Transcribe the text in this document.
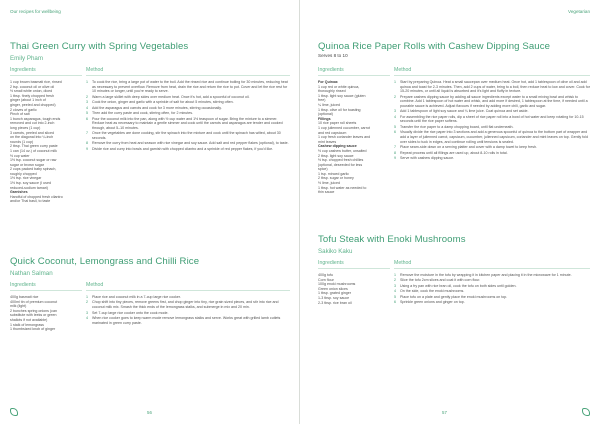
Our recipes for wellbeing
Thai Green Curry with Spring Vegetables
Emily Pham
Ingredients
1 cup brown basmati rice, rinsed
2 tsp. coconut oil or olive oil
½ small white onion, diced
1 tbsp. finely chopped fresh
ginger (about 1 inch of
ginger, peeled and chopped)
2 cloves of garlic
Pinch of salt
1 bunch asparagus, tough ends
removed and cut into 2-inch
long pieces (1 cup)
3 carrots, peeled and sliced
on the diagonal into ¼-inch
rounds (1 cup)
2 tbsp. Thai green curry paste
1 can (14 oz.) of coconut milk
½ cup water
1½ tsp. coconut sugar or raw
sugar or brown sugar
2 cups packed baby spinach,
roughly chopped
1½ tsp. rice vinegar
1½ tsp. soy sauce (I used
reduced-sodium tamari)
Garnishes
Handful of chopped fresh cilantro
and/or Thai basil, to taste
Method
1	To cook the rice, bring a large pot of water to the boil. Add the rinsed rice and continue boiling for 30 minutes, reducing heat as necessary to prevent overflow. Remove from heat, drain the rice and return the rice to pot. Cover and let the rice rest for 10 minutes or longer, until you're ready to serve.
2	Warm a large skillet with deep sides over medium heat. Once it's hot, add a spoonful of coconut oil.
3	Cook the onion, ginger and garlic with a sprinkle of salt for about 5 minutes, stirring often.
4	Add the asparagus and carrots and cook for 3 more minutes, stirring occasionally.
5	Then add the curry paste and cook, stirring often, for 2 minutes.
6	Pour the coconut milk into the pan, along with ½ cup water and 1½ teaspoon of sugar. Bring the mixture to a simmer. Reduce heat as necessary to maintain a gentle simmer and cook until the carrots and asparagus are tender and cooked through, about 5–10 minutes.
7	Once the vegetables are done cooking, stir the spinach into the mixture and cook until the spinach has wilted, about 30 seconds.
8	Remove the curry from heat and season with rice vinegar and soy sauce. Add salt and red pepper flakes (optional), to taste.
9	Divide rice and curry into bowls and garnish with chopped cilantro and a sprinkle of red pepper flakes, if you'd like.
Quick Coconut, Lemongrass and Chilli Rice
Nathan Salman
Ingredients
400g basmati rice
400ml tin of premium coconut
milk (light)
2 bunches spring onions (can
substitute with leeks or green
shallots if not available)
1 stalk of lemongrass
1 thumbsized knob of ginger
Method
1	Place rice and coconut milk in a 7-cup large rice cooker.
2	Chop shift into tiny pieces, remove greens first, and chop ginger into tiny, rice grain sized pieces, and stir into rice and coconut milk mix. Smash the thick ends of the lemongrass stalks, and submerge in mix and 20 min.
3	Set 7-cup large rice cooker onto the cook mode.
4	When rice cooker goes to keep warm mode remove lemongrass stalks and serve. Works great with grilled lamb cutlets marinated in green curry paste.
56
Vegetarian
Quinoa Rice Paper Rolls with Cashew Dipping Sauce
Serves 8 to 10
Ingredients
For Quinoa:
1 cup red or white quinoa,
thoroughly rinsed
1 tbsp. light soy sauce (gluten
free)
¼ lime, juiced
1 tbsp. olive oil for toasting
(optional)
Fillings
10 rice paper roll sheets
1 cup julienned cucumber, carrot
and red capsicum
1 cup fresh coriander leaves and
mint leaves
Cashew dipping sauce
½ cup cashew butter, unsalted
2 tbsp. light soy sauce
½ tsp. chopped fresh chillies
(optional, deseeded for less
spice)
1 tsp. minced garlic
2 tbsp. sugar or honey
½ lime, juiced
1 tbsp. hot water as needed to
thin sauce
Method
1	Start by preparing Quinoa. Heat a small saucepan over medium heat. Once hot, add 1 tablespoon of olive oil and add quinoa and toast for 2-3 minutes. Then, add 2 cups of water, bring to a boil, then reduce heat to low and cover. Cook for 15-20 minutes, or until all liquid is absorbed and it's light and fluffy in texture.
2	Prepare cashew dipping sauce by adding all sauce ingredients except water to a small mixing bowl and whisk to combine. Add 1 tablespoon of hot water and whisk, and add more if desired, 1 tablespoon at the time, if needed until a pourable sauce is achieved. Adjust flavours if needed by adding more chili, garlic and sugar.
3	Add 1 tablespoon of light soy sauce and ¼ lime juice. Coat quinoa and set aside.
4	For assembling the rice paper rolls, dip a sheet of rice paper roll into a bowl of hot water and keep rotating for 10-15 seconds until the rice paper softens.
5	Transfer the rice paper to a damp chopping board, until flat underneath.
6	Visually divide the rice paper into 3 sections and add a generous spoonful of quinoa to the bottom part of wrapper and add a layer of julienned carrot, capsicum, cucumber, julienned capsicum, coriander and mint leaves on top. Gently fold over sides to tuck in edges, and continue rolling until tensions is sealed.
7	Place seam-side down on a serving platter and cover with a damp towel to keep fresh.
8	Repeat process until all fillings are used up, about 8-10 rolls in total.
9	Serve with cashew dipping sauce.
Tofu Steak with Enoki Mushrooms
Sakiko Kaku
Ingredients
400g tofu
Corn flour
100g enoki mushrooms
Green onion slices
1 tbsp. grated ginger
1-3 tbsp. soy sauce
2-3 tbsp. rice bran oil
Method
1	Remove the moisture in the tofu by wrapping it in kitchen paper and placing it in the microwave for 1 minute.
2	Slice the tofu 2cm slices and coat it with corn flour.
3	Using a fry pan with rice bran oil, cook the tofu on both sides until golden.
4	On the side, cook the enoki mushrooms.
5	Place tofu on a plate and gently place the enoki mushrooms on top.
6	Sprinkle green onions and ginger on top.
57
